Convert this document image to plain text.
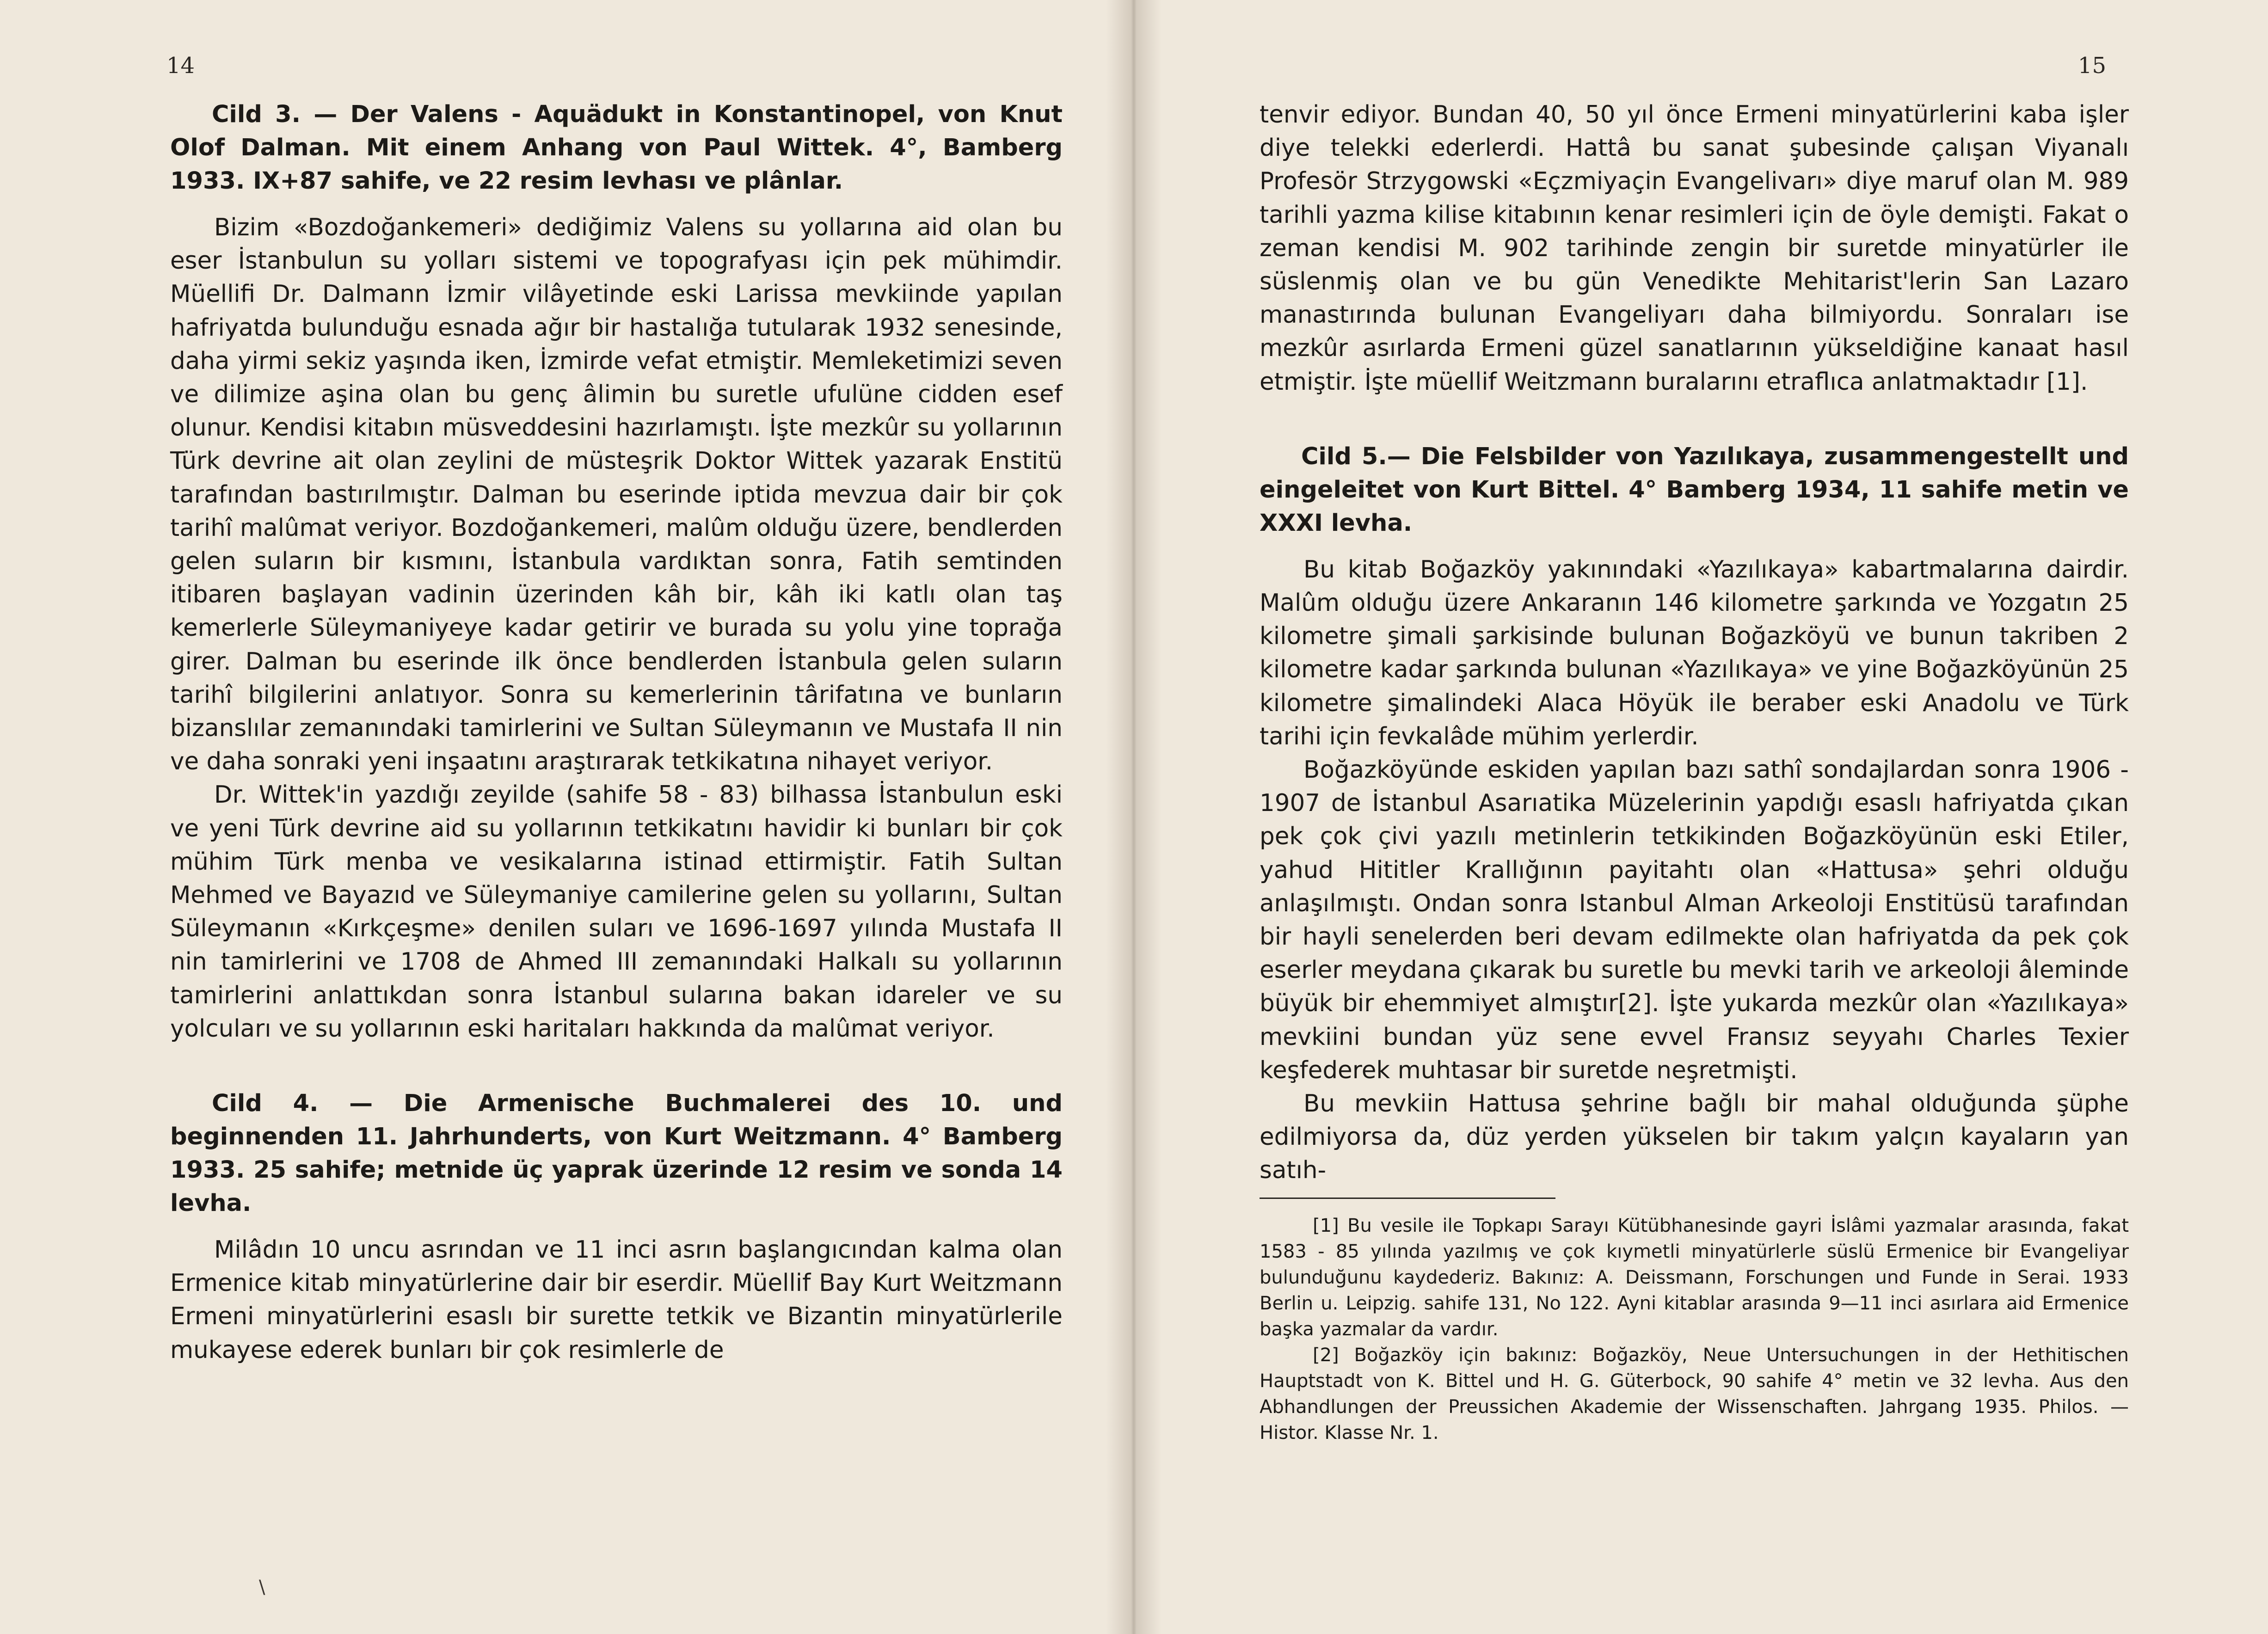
14

Cild 3. — Der Valens - Aquädukt in Konstantinopel, von Knut Olof Dalman. Mit einem Anhang von Paul Wittek. 4°, Bamberg 1933. IX+87 sahife, ve 22 resim levhası ve plânlar.

Bizim «Bozdoğankemeri» dediğimiz Valens su yollarına aid olan bu eser İstanbulun su yolları sistemi ve topografyası için pek mühimdir. Müellifi Dr. Dalmann İzmir vilâyetinde eski Larissa mevkiinde yapılan hafriyatda bulunduğu esnada ağır bir hastalığa tutularak 1932 senesinde, daha yirmi sekiz yaşında iken, İzmirde vefat etmiştir. Memleketimizi seven ve dilimize aşina olan bu genç âlimin bu suretle ufulüne cidden esef olunur. Kendisi kitabın müsveddesini hazırlamıştı. İşte mezkûr su yollarının Türk devrine ait olan zeylini de müsteşrik Doktor Wittek yazarak Enstitü tarafından bastırılmıştır. Dalman bu eserinde iptida mevzua dair bir çok tarihî malûmat veriyor. Bozdoğankemeri, malûm olduğu üzere, bendlerden gelen suların bir kısmını, İstanbula vardıktan sonra, Fatih semtinden itibaren başlayan vadinin üzerinden kâh bir, kâh iki katlı olan taş kemerlerle Süleymaniyeye kadar getirir ve burada su yolu yine toprağa girer. Dalman bu eserinde ilk önce bendlerden İstanbula gelen suların tarihî bilgilerini anlatıyor. Sonra su kemerlerinin târifatına ve bunların bizanslılar zemanındaki tamirlerini ve Sultan Süleymanın ve Mustafa II nin ve daha sonraki yeni inşaatını araştırarak tetkikatına nihayet veriyor.

Dr. Wittek'in yazdığı zeyilde (sahife 58 - 83) bilhassa İstanbulun eski ve yeni Türk devrine aid su yollarının tetkikatını havidir ki bunları bir çok mühim Türk menba ve vesikalarına istinad ettirmiştir. Fatih Sultan Mehmed ve Bayazıd ve Süleymaniye camilerine gelen su yollarını, Sultan Süleymanın «Kırkçeşme» denilen suları ve 1696-1697 yılında Mustafa II nin tamirlerini ve 1708 de Ahmed III zemanındaki Halkalı su yollarının tamirlerini anlattıkdan sonra İstanbul sularına bakan idareler ve su yolcuları ve su yollarının eski haritaları hakkında da malûmat veriyor.

Cild 4. — Die Armenische Buchmalerei des 10. und beginnenden 11. Jahrhunderts, von Kurt Weitzmann. 4° Bamberg 1933. 25 sahife; metnide üç yaprak üzerinde 12 resim ve sonda 14 levha.

Milâdın 10 uncu asrından ve 11 inci asrın başlangıcından kalma olan Ermenice kitab minyatürlerine dair bir eserdir. Müellif Bay Kurt Weitzmann Ermeni minyatürlerini esaslı bir surette tetkik ve Bizantin minyatürlerile mukayese ederek bunları bir çok resimlerle de

\
15

tenvir ediyor. Bundan 40, 50 yıl önce Ermeni minyatürlerini kaba işler diye telekki ederlerdi. Hattâ bu sanat şubesinde çalışan Viyanalı Profesör Strzygowski «Eçzmiyaçin Evangelivarı» diye maruf olan M. 989 tarihli yazma kilise kitabının kenar resimleri için de öyle demişti. Fakat o zeman kendisi M. 902 tarihinde zengin bir suretde minyatürler ile süslenmiş olan ve bu gün Venedikte Mehitarist'lerin San Lazaro manastırında bulunan Evangeliyarı daha bilmiyordu. Sonraları ise mezkûr asırlarda Ermeni güzel sanatlarının yükseldiğine kanaat hasıl etmiştir. İşte müellif Weitzmann buralarını etraflıca anlatmaktadır [1].

Cild 5.— Die Felsbilder von Yazılıkaya, zusammengestellt und eingeleitet von Kurt Bittel. 4° Bamberg 1934, 11 sahife metin ve XXXI levha.

Bu kitab Boğazköy yakınındaki «Yazılıkaya» kabartmalarına dairdir. Malûm olduğu üzere Ankaranın 146 kilometre şarkında ve Yozgatın 25 kilometre şimali şarkisinde bulunan Boğazköyü ve bunun takriben 2 kilometre kadar şarkında bulunan «Yazılıkaya» ve yine Boğazköyünün 25 kilometre şimalindeki Alaca Höyük ile beraber eski Anadolu ve Türk tarihi için fevkalâde mühim yerlerdir.

Boğazköyünde eskiden yapılan bazı sathî sondajlardan sonra 1906 - 1907 de İstanbul Asarıatika Müzelerinin yapdığı esaslı hafriyatda çıkan pek çok çivi yazılı metinlerin tetkikinden Boğazköyünün eski Etiler, yahud Hititler Krallığının payitahtı olan «Hattusa» şehri olduğu anlaşılmıştı. Ondan sonra Istanbul Alman Arkeoloji Enstitüsü tarafından bir hayli senelerden beri devam edilmekte olan hafriyatda da pek çok eserler meydana çıkarak bu suretle bu mevki tarih ve arkeoloji âleminde büyük bir ehemmiyet almıştır[2]. İşte yukarda mezkûr olan «Yazılıkaya» mevkiini bundan yüz sene evvel Fransız seyyahı Charles Texier keşfederek muhtasar bir suretde neşretmişti.

Bu mevkiin Hattusa şehrine bağlı bir mahal olduğunda şüphe edilmiyorsa da, düz yerden yükselen bir takım yalçın kayaların yan satıh-

[1] Bu vesile ile Topkapı Sarayı Kütübhanesinde gayri İslâmi yazmalar arasında, fakat 1583 - 85 yılında yazılmış ve çok kıymetli minyatürlerle süslü Ermenice bir Evangeliyar bulunduğunu kaydederiz. Bakınız: A. Deissmann, Forschungen und Funde in Serai. 1933 Berlin u. Leipzig. sahife 131, No 122. Ayni kitablar arasında 9—11 inci asırlara aid Ermenice başka yazmalar da vardır.

[2] Boğazköy için bakınız: Boğazköy, Neue Untersuchungen in der Hethitischen Hauptstadt von K. Bittel und H. G. Güterbock, 90 sahife 4° metin ve 32 levha. Aus den Abhandlungen der Preussichen Akademie der Wissenschaften. Jahrgang 1935. Philos. — Histor. Klasse Nr. 1.
